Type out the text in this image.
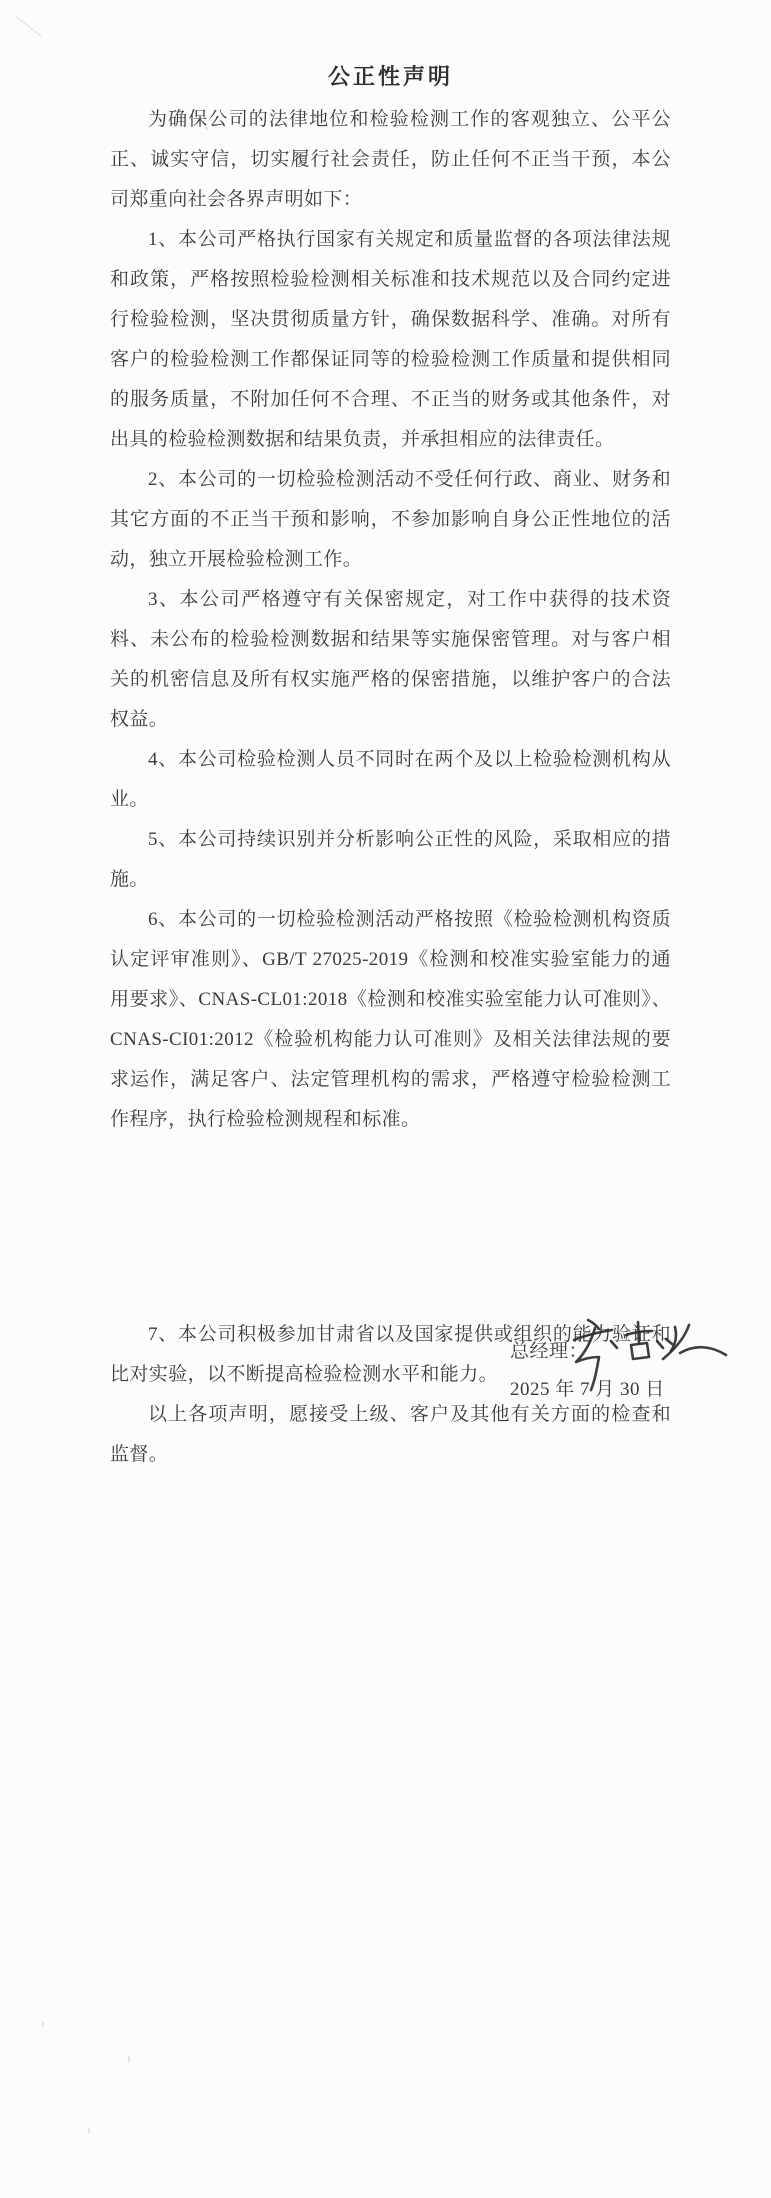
公正性声明

为确保公司的法律地位和检验检测工作的客观独立、公平公正、诚实守信，切实履行社会责任，防止任何不正当干预，本公司郑重向社会各界声明如下：

1、本公司严格执行国家有关规定和质量监督的各项法律法规和政策，严格按照检验检测相关标准和技术规范以及合同约定进行检验检测，坚决贯彻质量方针，确保数据科学、准确。对所有客户的检验检测工作都保证同等的检验检测工作质量和提供相同的服务质量，不附加任何不合理、不正当的财务或其他条件，对出具的检验检测数据和结果负责，并承担相应的法律责任。

2、本公司的一切检验检测活动不受任何行政、商业、财务和其它方面的不正当干预和影响，不参加影响自身公正性地位的活动，独立开展检验检测工作。

3、本公司严格遵守有关保密规定，对工作中获得的技术资料、未公布的检验检测数据和结果等实施保密管理。对与客户相关的机密信息及所有权实施严格的保密措施，以维护客户的合法权益。

4、本公司检验检测人员不同时在两个及以上检验检测机构从业。

5、本公司持续识别并分析影响公正性的风险，采取相应的措施。

6、本公司的一切检验检测活动严格按照《检验检测机构资质认定评审准则》、GB/T 27025-2019《检测和校准实验室能力的通用要求》、CNAS-CL01:2018《检测和校准实验室能力认可准则》、CNAS-CI01:2012《检验机构能力认可准则》及相关法律法规的要求运作，满足客户、法定管理机构的需求，严格遵守检验检测工作程序，执行检验检测规程和标准。

7、本公司积极参加甘肃省以及国家提供或组织的能力验证和比对实验，以不断提高检验检测水平和能力。

以上各项声明，愿接受上级、客户及其他有关方面的检查和监督。

总经理：
2025 年 7 月 30 日
